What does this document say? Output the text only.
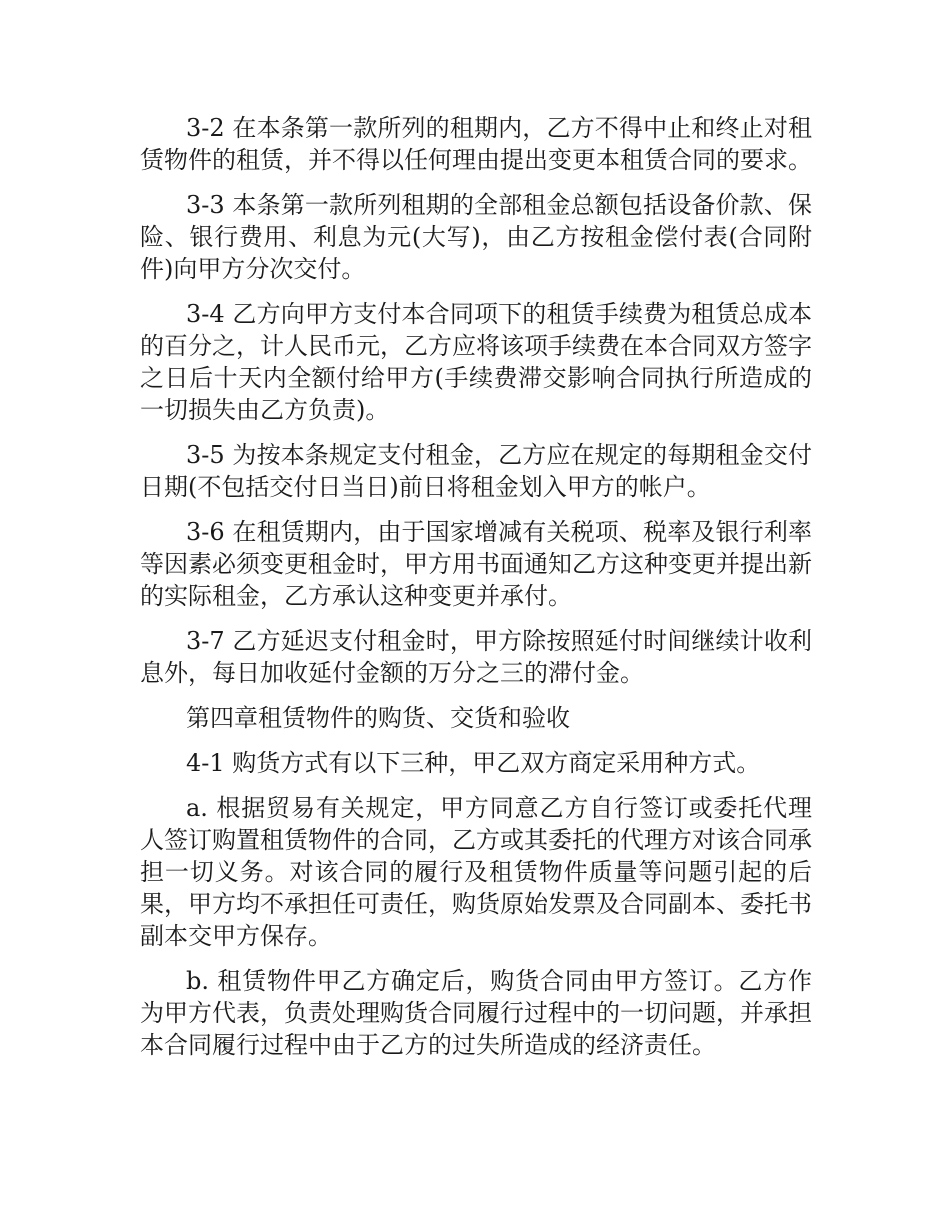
3-2 在本条第一款所列的租期内，乙方不得中止和终止对租赁物件的租赁，并不得以任何理由提出变更本租赁合同的要求。

3-3 本条第一款所列租期的全部租金总额包括设备价款、保险、银行费用、利息为元(大写)，由乙方按租金偿付表(合同附件)向甲方分次交付。

3-4 乙方向甲方支付本合同项下的租赁手续费为租赁总成本的百分之，计人民币元，乙方应将该项手续费在本合同双方签字之日后十天内全额付给甲方(手续费滞交影响合同执行所造成的一切损失由乙方负责)。

3-5 为按本条规定支付租金，乙方应在规定的每期租金交付日期(不包括交付日当日)前日将租金划入甲方的帐户。

3-6 在租赁期内，由于国家增减有关税项、税率及银行利率等因素必须变更租金时，甲方用书面通知乙方这种变更并提出新的实际租金，乙方承认这种变更并承付。

3-7 乙方延迟支付租金时，甲方除按照延付时间继续计收利息外，每日加收延付金额的万分之三的滞付金。

第四章租赁物件的购货、交货和验收

4-1 购货方式有以下三种，甲乙双方商定采用种方式。

a. 根据贸易有关规定，甲方同意乙方自行签订或委托代理人签订购置租赁物件的合同，乙方或其委托的代理方对该合同承担一切义务。对该合同的履行及租赁物件质量等问题引起的后果，甲方均不承担任可责任，购货原始发票及合同副本、委托书副本交甲方保存。

b. 租赁物件甲乙方确定后，购货合同由甲方签订。乙方作为甲方代表，负责处理购货合同履行过程中的一切问题，并承担本合同履行过程中由于乙方的过失所造成的经济责任。
